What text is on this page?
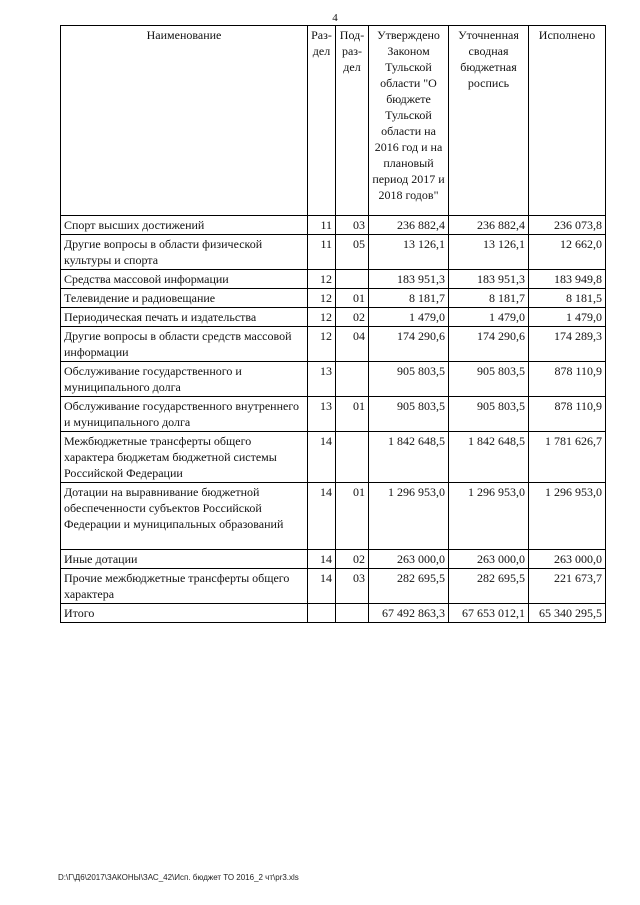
4
Наименование	Раз-дел	Под-раз-дел	Утверждено Законом Тульской области "О бюджете Тульской области на 2016 год и на плановый период 2017 и 2018 годов"	Уточненная сводная бюджетная роспись	Исполнено
Спорт высших достижений	11	03	236 882,4	236 882,4	236 073,8
Другие вопросы в области физической культуры и спорта	11	05	13 126,1	13 126,1	12 662,0
Средства массовой информации	12		183 951,3	183 951,3	183 949,8
Телевидение и радиовещание	12	01	8 181,7	8 181,7	8 181,5
Периодическая печать и издательства	12	02	1 479,0	1 479,0	1 479,0
Другие вопросы в области средств массовой информации	12	04	174 290,6	174 290,6	174 289,3
Обслуживание государственного и муниципального долга	13		905 803,5	905 803,5	878 110,9
Обслуживание государственного внутреннего и муниципального долга	13	01	905 803,5	905 803,5	878 110,9
Межбюджетные трансферты общего характера бюджетам бюджетной системы Российской Федерации	14		1 842 648,5	1 842 648,5	1 781 626,7
Дотации на выравнивание бюджетной обеспеченности субъектов Российской Федерации и муниципальных образований	14	01	1 296 953,0	1 296 953,0	1 296 953,0
Иные дотации	14	02	263 000,0	263 000,0	263 000,0
Прочие межбюджетные трансферты общего характера	14	03	282 695,5	282 695,5	221 673,7
Итого			67 492 863,3	67 653 012,1	65 340 295,5
D:\Г\Д6\2017\ЗАКОНЫ\ЗАС_42\Исп. бюджет ТО 2016_2 чт\pr3.xls
